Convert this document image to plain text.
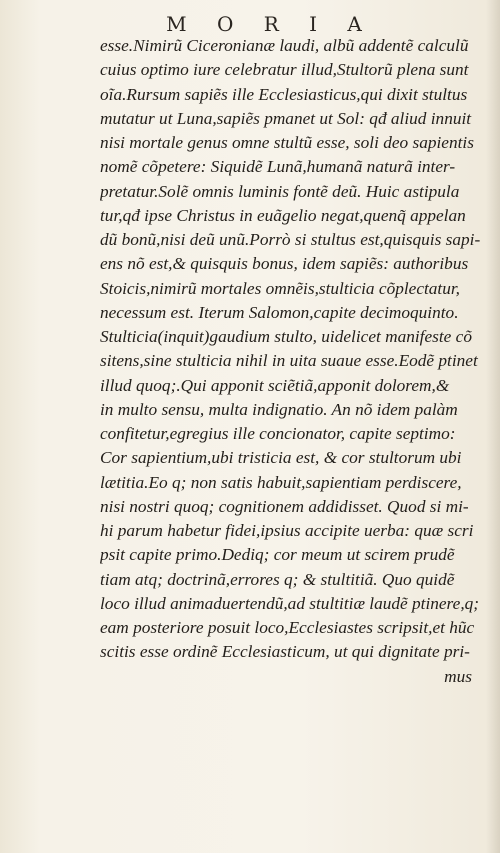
M O R I A
esse.Nimirũ Ciceronianæ laudi, albũ addentẽ calculũ
cuius optimo iure celebratur illud,Stultorũ plena sunt
oĩa.Rursum sapiẽs ille Ecclesiasticus,qui dixit stultus
mutatur ut Luna,sapiẽs pmanet ut Sol: qđ aliud innuit
nisi mortale genus omne stultũ esse, soli deo sapientis
nomẽ cõpetere: Siquidẽ Lunã,humanã naturã inter-
pretatur.Solẽ omnis luminis fontẽ deũ. Huic astipula
tur,qđ ipse Christus in euãgelio negat,quenq̃ appelan
dũ bonũ,nisi deũ unũ.Porrò si stultus est,quisquis sapi-
ens nõ est,& quisquis bonus, idem sapiẽs: authoribus
Stoicis,nimirũ mortales omnẽis,stulticia cõplectatur,
necessum est. Iterum Salomon,capite decimoquinto.
Stulticia(inquit)gaudium stulto, uidelicet manifeste cõ
sitens,sine stulticia nihil in uita suaue esse.Eodẽ ptinet
illud quoq;.Qui apponit sciẽtiã,apponit dolorem,&
in multo sensu, multa indignatio. An nõ idem palàm
confitetur,egregius ille concionator, capite septimo:
Cor sapientium,ubi tristicia est, & cor stultorum ubi
lætitia.Eo q; non satis habuit,sapientiam perdiscere,
nisi nostri quoq; cognitionem addidisset. Quod si mi-
hi parum habetur fidei,ipsius accipite uerba: quæ scri
psit capite primo.Dediq; cor meum ut scirem prudẽ
tiam atq; doctrinã,errores q; & stultitiã. Quo quidẽ
loco illud animaduertendũ,ad stultitiæ laudẽ ptinere,q;
eam posteriore posuit loco,Ecclesiastes scripsit,et hũc
scitis esse ordinẽ Ecclesiasticum, ut qui dignitate pri-
mus
